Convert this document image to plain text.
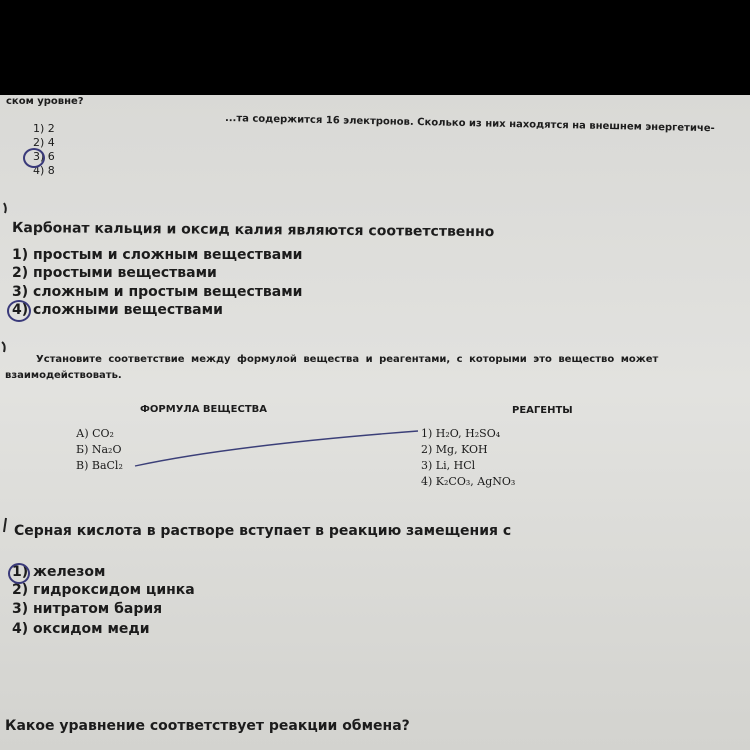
...та содержится 16 электронов. Сколько из них находятся на внешнем энергетиче-
ском уровне?
1) 2
2) 4
3) 6
4) 8
Карбонат кальция и оксид калия являются соответственно
1) простым и сложным веществами
2) простыми веществами
3) сложным и простым веществами
4) сложными веществами
Установите соответствие между формулой вещества и реагентами, с которыми это вещество может
взаимодействовать.
ФОРМУЛА ВЕЩЕСТВА	РЕАГЕНТЫ
А) CO₂
Б) Na₂O
В) BaCl₂
1) H₂O, H₂SO₄
2) Mg, KOH
3) Li, HCl
4) K₂CO₃, AgNO₃
Серная кислота в растворе вступает в реакцию замещения с
1) железом
2) гидроксидом цинка
3) нитратом бария
4) оксидом меди
Какое уравнение соответствует реакции обмена?
